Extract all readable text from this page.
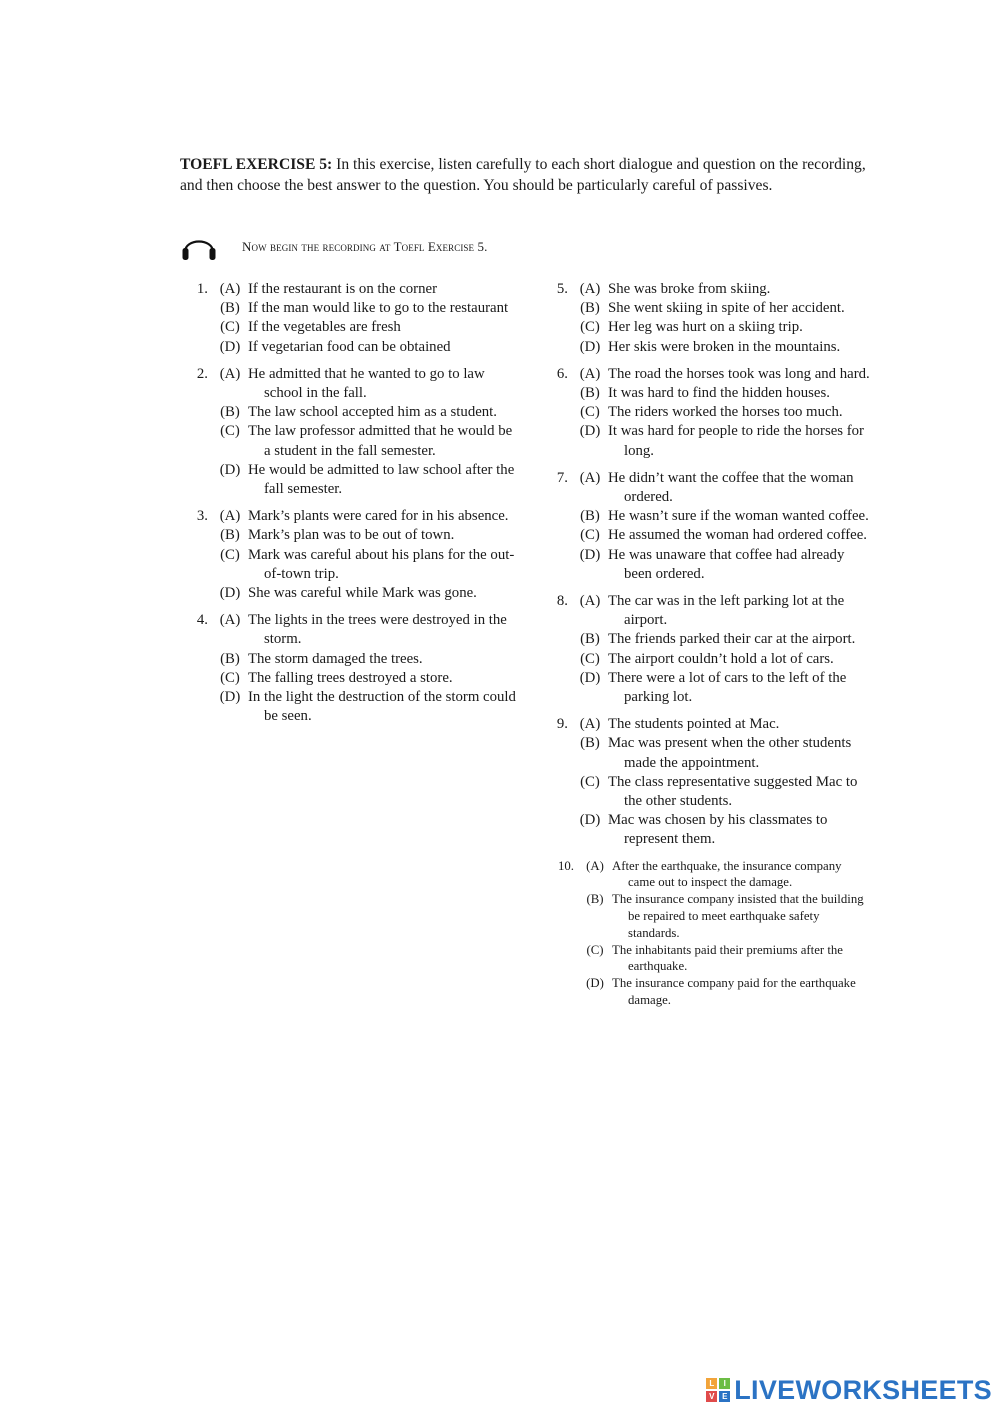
TOEFL EXERCISE 5: In this exercise, listen carefully to each short dialogue and question on the recording, and then choose the best answer to the question. You should be particularly careful of passives.
Now begin the recording at Toefl Exercise 5.
1. (A) If the restaurant is on the corner
(B) If the man would like to go to the restaurant
(C) If the vegetables are fresh
(D) If vegetarian food can be obtained
2. (A) He admitted that he wanted to go to law school in the fall.
(B) The law school accepted him as a student.
(C) The law professor admitted that he would be a student in the fall semester.
(D) He would be admitted to law school after the fall semester.
3. (A) Mark’s plants were cared for in his absence.
(B) Mark’s plan was to be out of town.
(C) Mark was careful about his plans for the out-of-town trip.
(D) She was careful while Mark was gone.
4. (A) The lights in the trees were destroyed in the storm.
(B) The storm damaged the trees.
(C) The falling trees destroyed a store.
(D) In the light the destruction of the storm could be seen.
5. (A) She was broke from skiing.
(B) She went skiing in spite of her accident.
(C) Her leg was hurt on a skiing trip.
(D) Her skis were broken in the mountains.
6. (A) The road the horses took was long and hard.
(B) It was hard to find the hidden houses.
(C) The riders worked the horses too much.
(D) It was hard for people to ride the horses for long.
7. (A) He didn’t want the coffee that the woman ordered.
(B) He wasn’t sure if the woman wanted coffee.
(C) He assumed the woman had ordered coffee.
(D) He was unaware that coffee had already been ordered.
8. (A) The car was in the left parking lot at the airport.
(B) The friends parked their car at the airport.
(C) The airport couldn’t hold a lot of cars.
(D) There were a lot of cars to the left of the parking lot.
9. (A) The students pointed at Mac.
(B) Mac was present when the other students made the appointment.
(C) The class representative suggested Mac to the other students.
(D) Mac was chosen by his classmates to represent them.
10. (A) After the earthquake, the insurance company came out to inspect the damage.
(B) The insurance company insisted that the building be repaired to meet earthquake safety standards.
(C) The inhabitants paid their premiums after the earthquake.
(D) The insurance company paid for the earthquake damage.
L	I
V E LIVEWORKSHEETS
